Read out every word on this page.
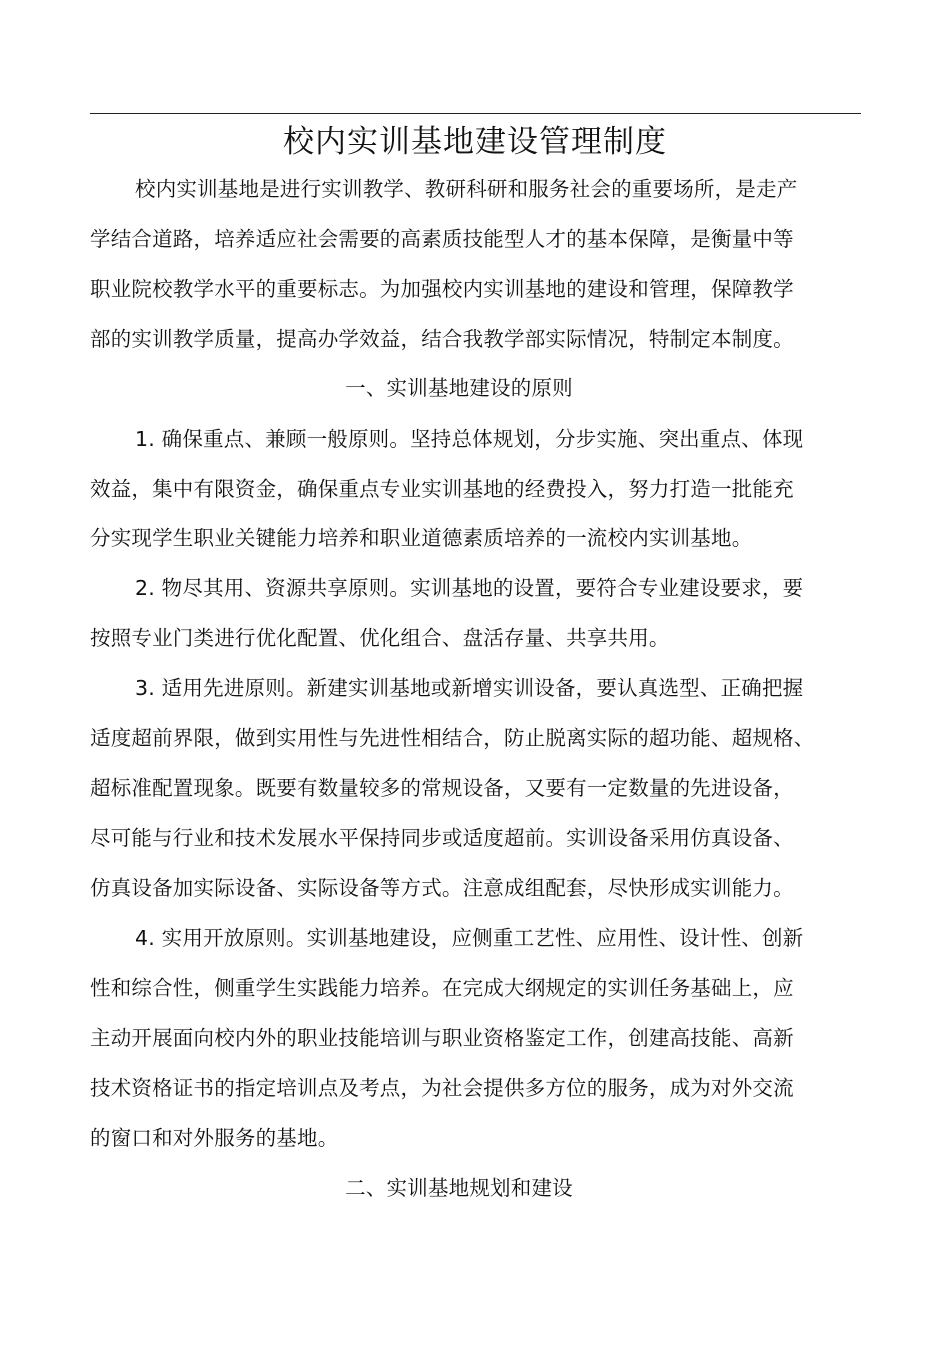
校内实训基地建设管理制度
校内实训基地是进行实训教学、教研科研和服务社会的重要场所，是走产
学结合道路，培养适应社会需要的高素质技能型人才的基本保障，是衡量中等
职业院校教学水平的重要标志。为加强校内实训基地的建设和管理，保障教学
部的实训教学质量，提高办学效益，结合我教学部实际情况，特制定本制度。
一、实训基地建设的原则
1. 确保重点、兼顾一般原则。坚持总体规划，分步实施、突出重点、体现
效益，集中有限资金，确保重点专业实训基地的经费投入，努力打造一批能充
分实现学生职业关键能力培养和职业道德素质培养的一流校内实训基地。
2. 物尽其用、资源共享原则。实训基地的设置，要符合专业建设要求，要
按照专业门类进行优化配置、优化组合、盘活存量、共享共用。
3. 适用先进原则。新建实训基地或新增实训设备，要认真选型、正确把握
适度超前界限，做到实用性与先进性相结合，防止脱离实际的超功能、超规格、
超标准配置现象。既要有数量较多的常规设备，又要有一定数量的先进设备，
尽可能与行业和技术发展水平保持同步或适度超前。实训设备采用仿真设备、
仿真设备加实际设备、实际设备等方式。注意成组配套，尽快形成实训能力。
4. 实用开放原则。实训基地建设，应侧重工艺性、应用性、设计性、创新
性和综合性，侧重学生实践能力培养。在完成大纲规定的实训任务基础上，应
主动开展面向校内外的职业技能培训与职业资格鉴定工作，创建高技能、高新
技术资格证书的指定培训点及考点，为社会提供多方位的服务，成为对外交流
的窗口和对外服务的基地。
二、实训基地规划和建设
